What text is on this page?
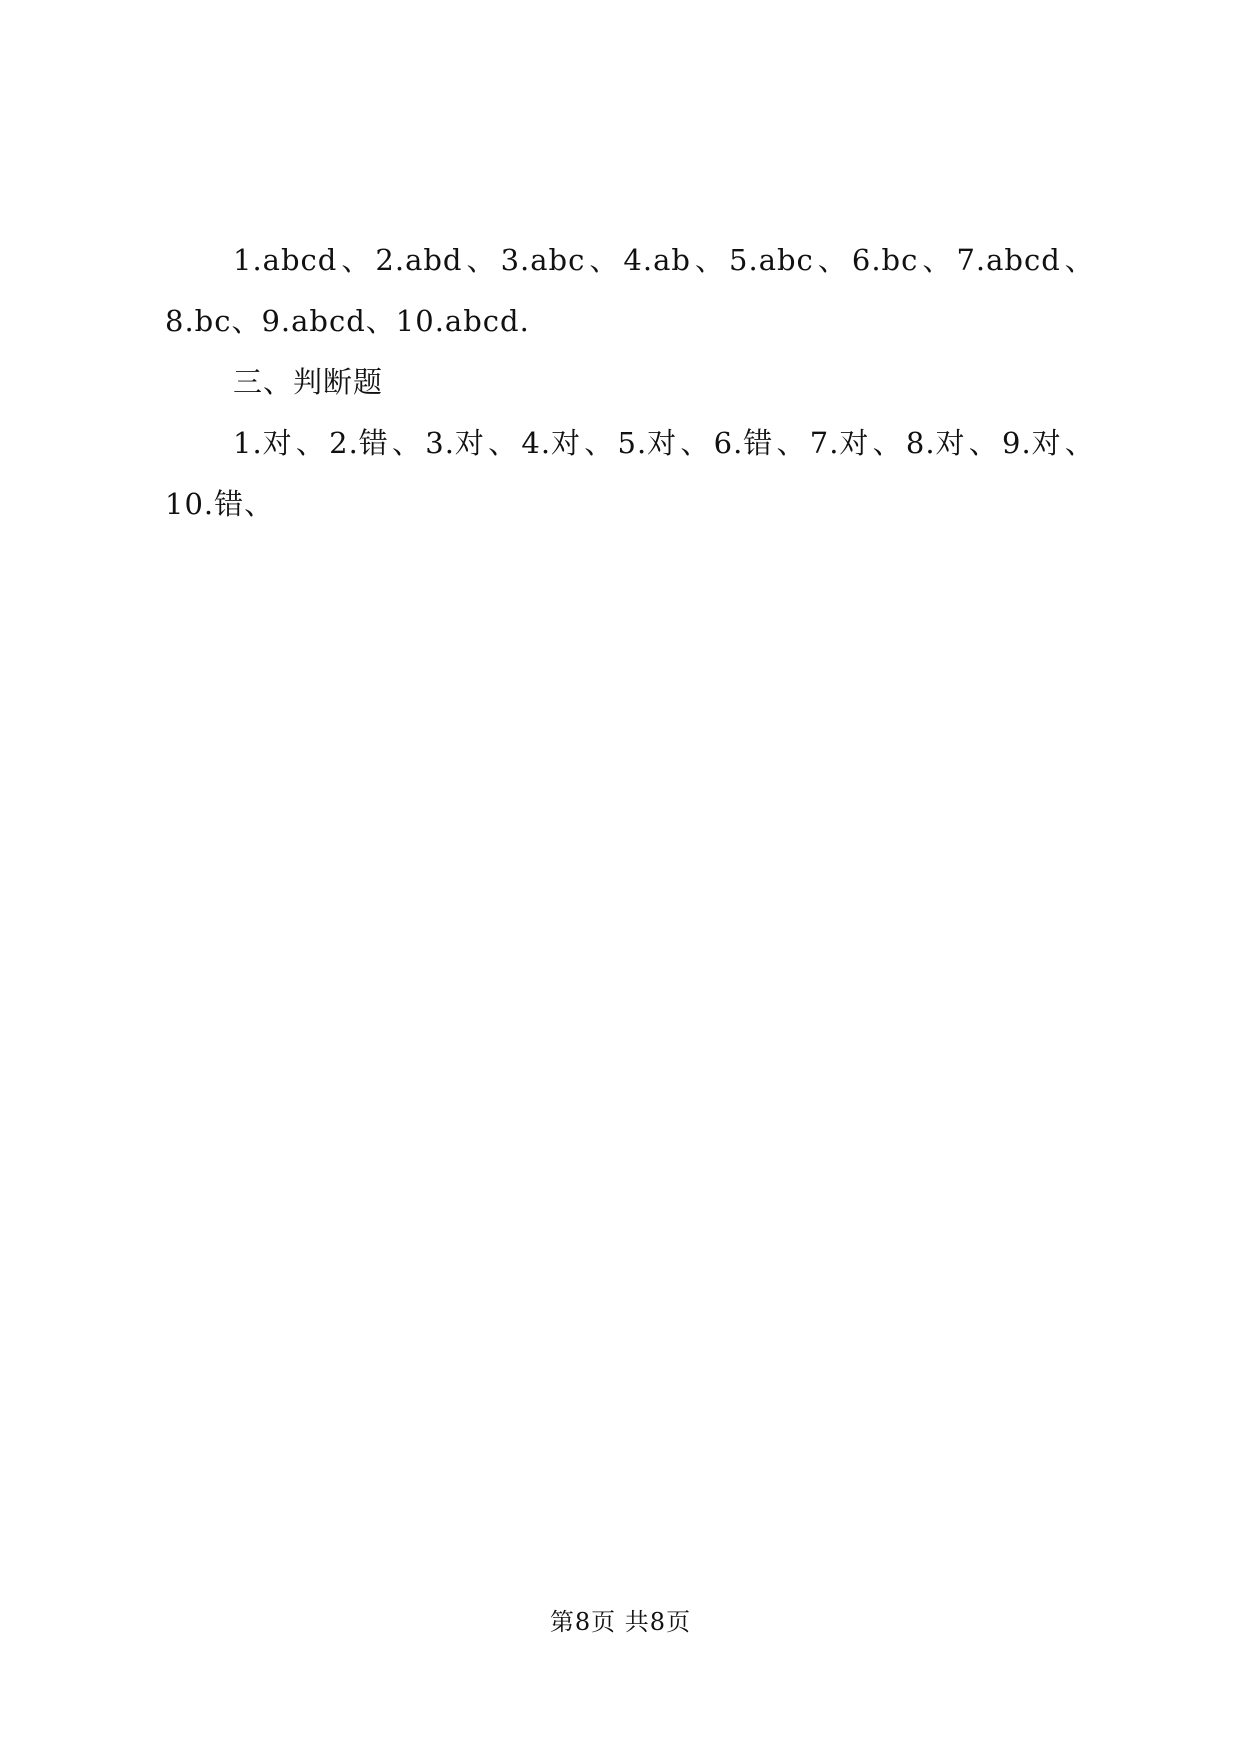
1.abcd 、 2.abd 、 3.abc 、 4.ab 、 5.abc 、 6.bc 、 7.abcd 、
8.bc、9.abcd、10.abcd.
三、判断题
1.对 、 2.错 、 3.对 、 4.对 、 5.对 、 6.错 、 7.对 、 8.对 、 9.对 、
10.错、
第8页 共8页
